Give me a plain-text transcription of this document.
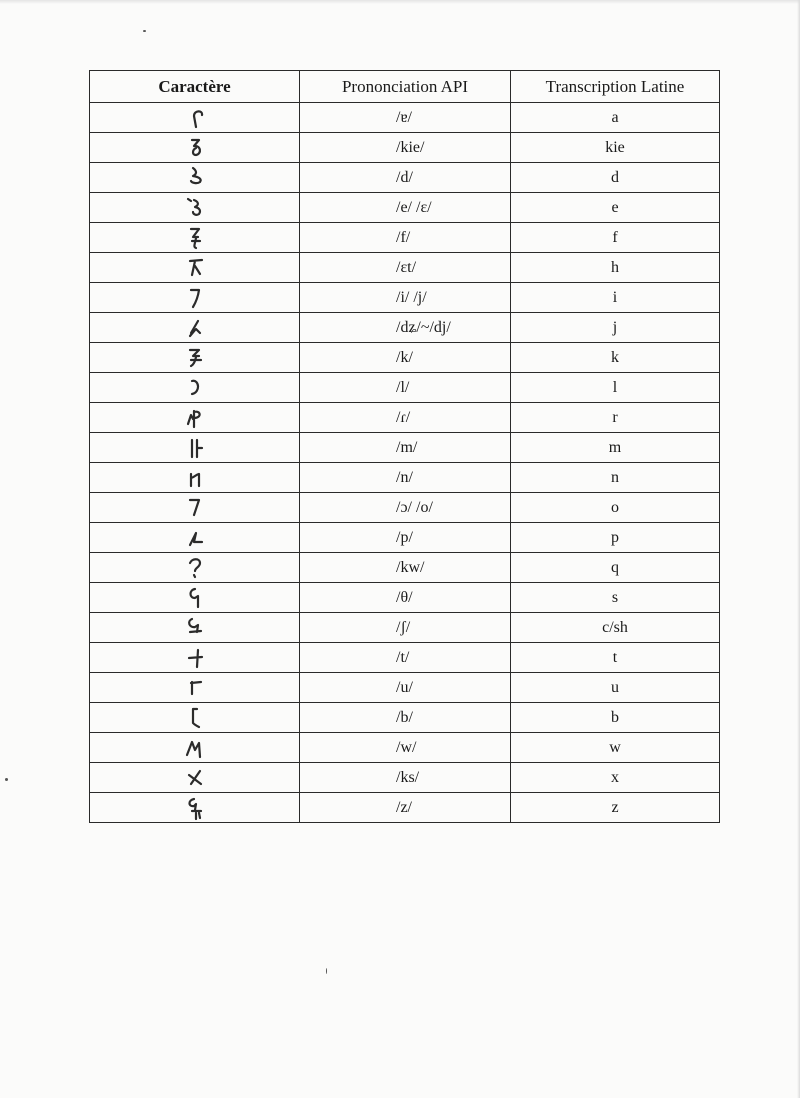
Caractère	Prononciation API	Transcription Latine
	/ɐ/	a
	/kie/	kie
	/d/	d
	/e/ /ɛ/	e
	/f/	f
	/ɛt/	h
	/i/ /j/	i
	/dʑ/~/dj/	j
	/k/	k
	/l/	l
	/ɾ/	r
	/m/	m
	/n/	n
	/ɔ/ /o/	o
	/p/	p
	/kw/	q
	/θ/	s
	/ʃ/	c/sh
	/t/	t
	/u/	u
	/b/	b
	/w/	w
	/ks/	x
	/z/	z
